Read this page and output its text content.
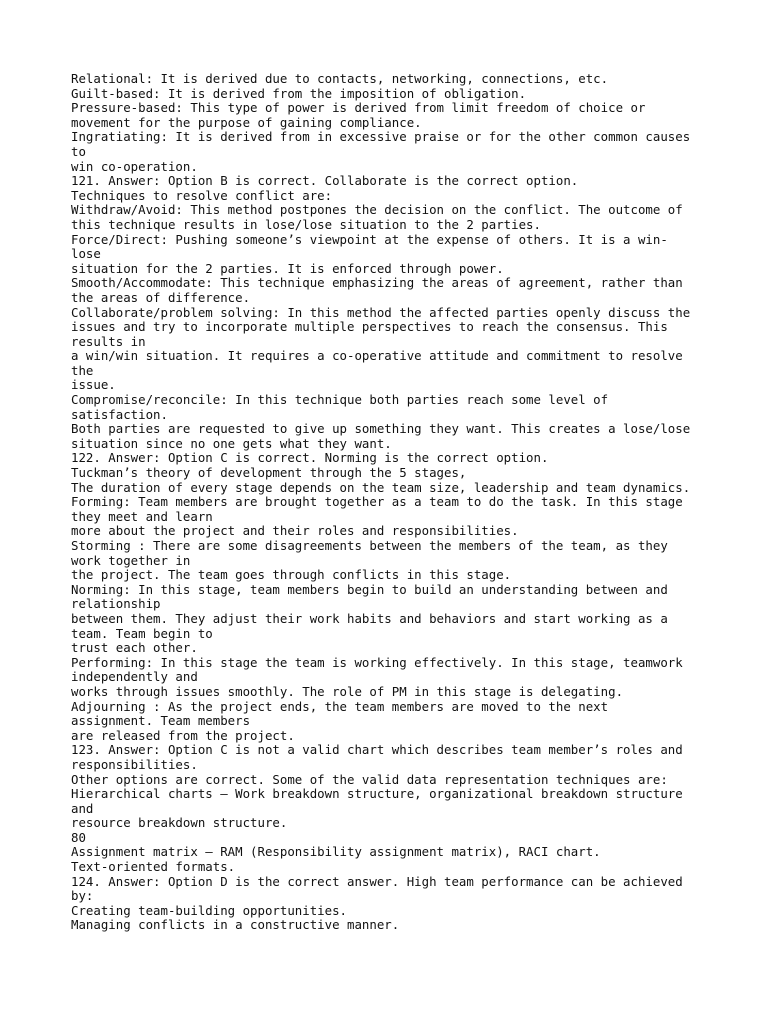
Relational: It is derived due to contacts, networking, connections, etc.
Guilt-based: It is derived from the imposition of obligation.
Pressure-based: This type of power is derived from limit freedom of choice or
movement for the purpose of gaining compliance.
Ingratiating: It is derived from in excessive praise or for the other common causes
to
win co-operation.
121. Answer: Option B is correct. Collaborate is the correct option.
Techniques to resolve conflict are:
Withdraw/Avoid: This method postpones the decision on the conflict. The outcome of
this technique results in lose/lose situation to the 2 parties.
Force/Direct: Pushing someone’s viewpoint at the expense of others. It is a win-
lose
situation for the 2 parties. It is enforced through power.
Smooth/Accommodate: This technique emphasizing the areas of agreement, rather than
the areas of difference.
Collaborate/problem solving: In this method the affected parties openly discuss the
issues and try to incorporate multiple perspectives to reach the consensus. This
results in
a win/win situation. It requires a co-operative attitude and commitment to resolve
the
issue.
Compromise/reconcile: In this technique both parties reach some level of
satisfaction.
Both parties are requested to give up something they want. This creates a lose/lose
situation since no one gets what they want.
122. Answer: Option C is correct. Norming is the correct option.
Tuckman’s theory of development through the 5 stages,
The duration of every stage depends on the team size, leadership and team dynamics.
Forming: Team members are brought together as a team to do the task. In this stage
they meet and learn
more about the project and their roles and responsibilities.
Storming : There are some disagreements between the members of the team, as they
work together in
the project. The team goes through conflicts in this stage.
Norming: In this stage, team members begin to build an understanding between and
relationship
between them. They adjust their work habits and behaviors and start working as a
team. Team begin to
trust each other.
Performing: In this stage the team is working effectively. In this stage, teamwork
independently and
works through issues smoothly. The role of PM in this stage is delegating.
Adjourning : As the project ends, the team members are moved to the next
assignment. Team members
are released from the project.
123. Answer: Option C is not a valid chart which describes team member’s roles and
responsibilities.
Other options are correct. Some of the valid data representation techniques are:
Hierarchical charts – Work breakdown structure, organizational breakdown structure
and
resource breakdown structure.
80
Assignment matrix – RAM (Responsibility assignment matrix), RACI chart.
Text-oriented formats.
124. Answer: Option D is the correct answer. High team performance can be achieved
by:
Creating team-building opportunities.
Managing conflicts in a constructive manner.
